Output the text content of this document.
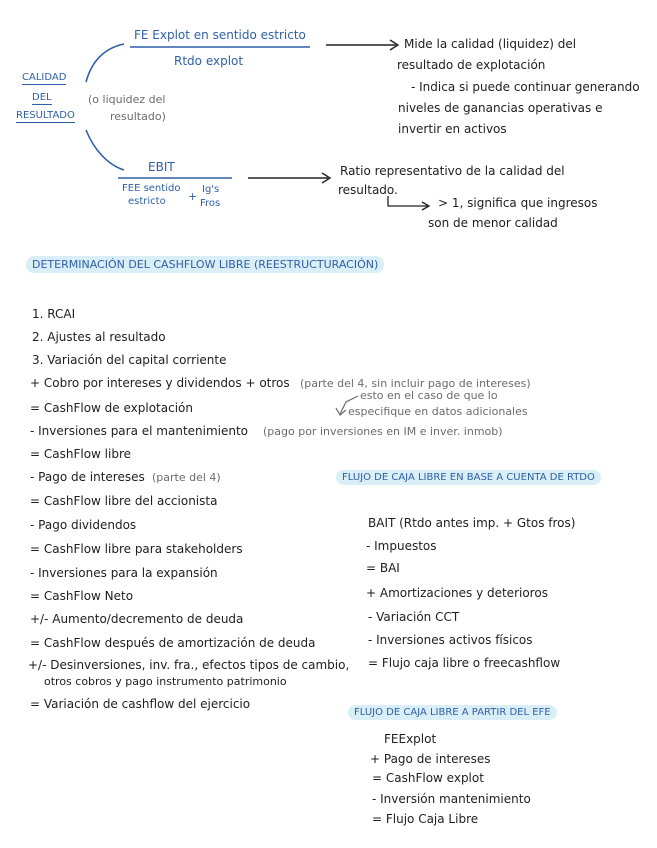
CALIDAD
DEL
RESULTADO
(o liquidez del
resultado)
FE Explot en sentido estricto
Rtdo explot
Mide la calidad (liquidez) del
resultado de explotación
- Indica si puede continuar generando
niveles de ganancias operativas e
invertir en activos
EBIT
FEE sentido
estricto +
Ig's
Fros
Ratio representativo de la calidad del
resultado.
> 1, significa que ingresos
son de menor calidad
DETERMINACIÓN DEL CASHFLOW LIBRE (REESTRUCTURACIÓN)
1. RCAI
2. Ajustes al resultado
3. Variación del capital corriente
+ Cobro por intereses y dividendos + otros (parte del 4, sin incluir pago de intereses)
= CashFlow de explotación
esto en el caso de que lo
especifique en datos adicionales
- Inversiones para el mantenimiento (pago por inversiones en IM e inver. inmob)
= CashFlow libre
- Pago de intereses (parte del 4)
= CashFlow libre del accionista
- Pago dividendos
= CashFlow libre para stakeholders
- Inversiones para la expansión
= CashFlow Neto
+/- Aumento/decremento de deuda
= CashFlow después de amortización de deuda
+/- Desinversiones, inv. fra., efectos tipos de cambio,
otros cobros y pago instrumento patrimonio
= Variación de cashflow del ejercicio
FLUJO DE CAJA LIBRE EN BASE A CUENTA DE RTDO
BAIT (Rtdo antes imp. + Gtos fros)
- Impuestos
= BAI
+ Amortizaciones y deterioros
- Variación CCT
- Inversiones activos físicos
= Flujo caja libre o freecashflow
FLUJO DE CAJA LIBRE A PARTIR DEL EFE
FEExplot
+ Pago de intereses
= CashFlow explot
- Inversión mantenimiento
= Flujo Caja Libre
